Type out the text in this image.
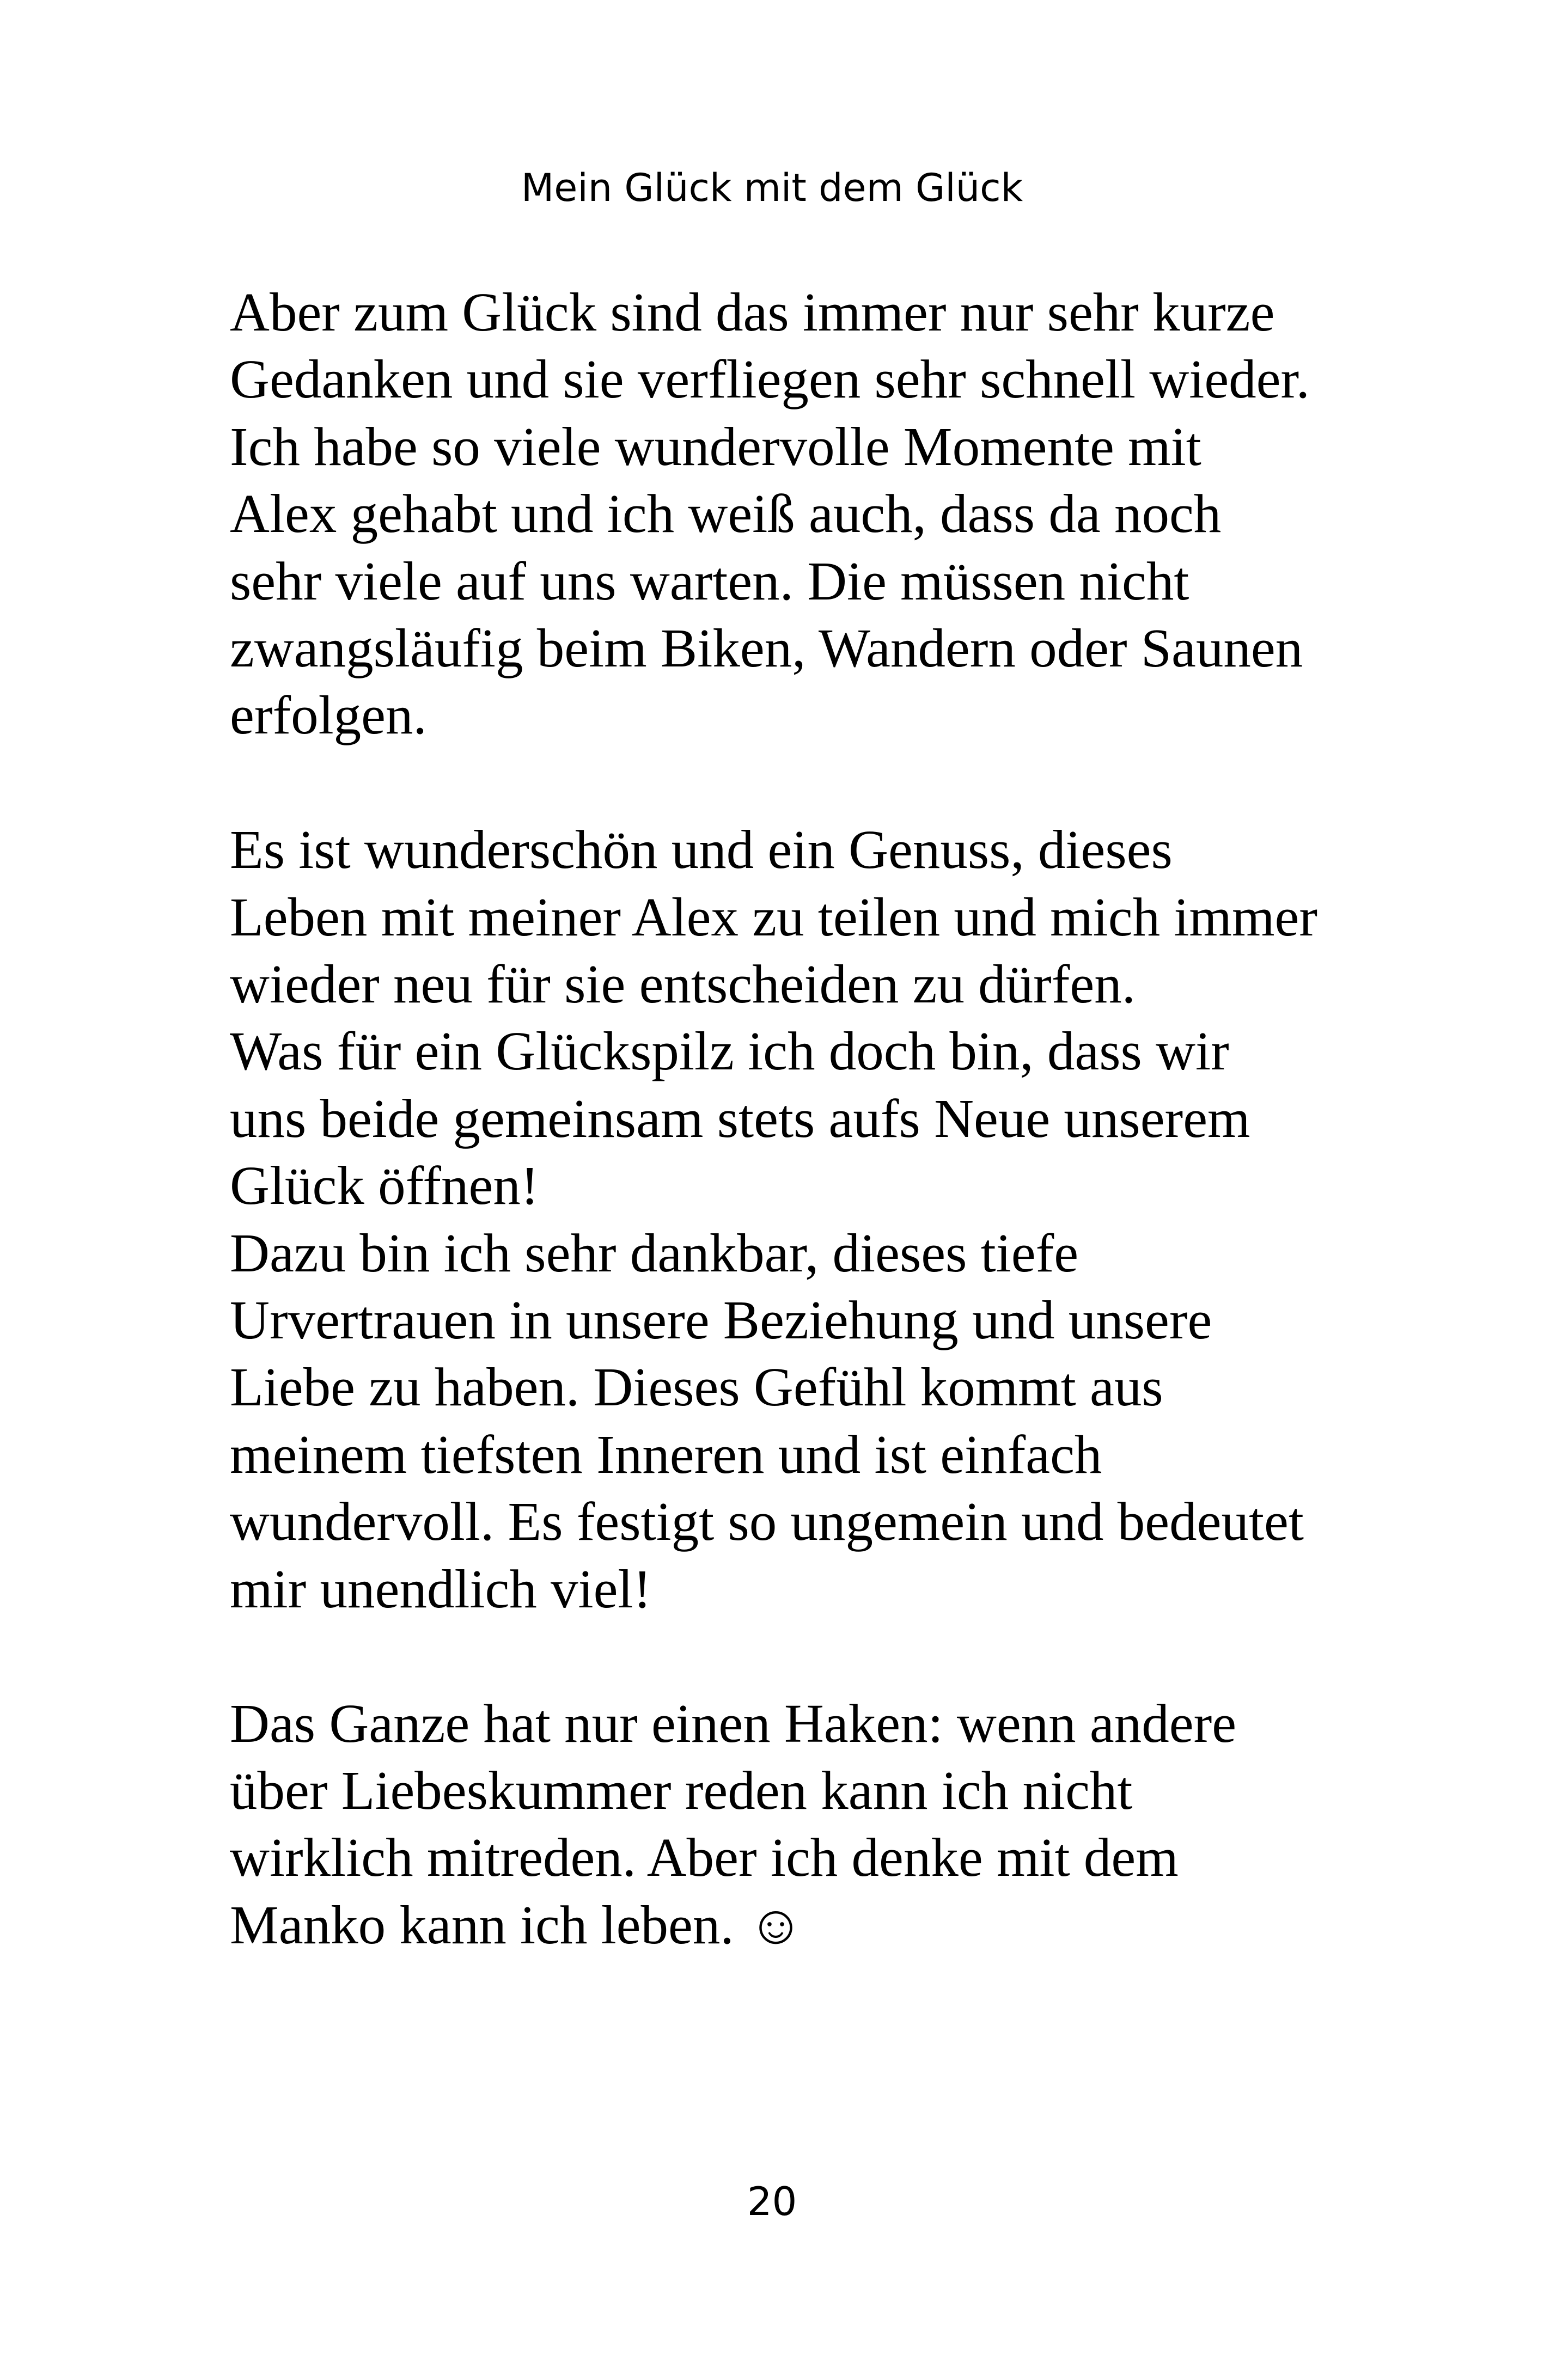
Mein Glück mit dem Glück

Aber zum Glück sind das immer nur sehr kurze
Gedanken und sie verfliegen sehr schnell wieder.
Ich habe so viele wundervolle Momente mit
Alex gehabt und ich weiß auch, dass da noch
sehr viele auf uns warten. Die müssen nicht
zwangsläufig beim Biken, Wandern oder Saunen
erfolgen.

Es ist wunderschön und ein Genuss, dieses
Leben mit meiner Alex zu teilen und mich immer
wieder neu für sie entscheiden zu dürfen.
Was für ein Glückspilz ich doch bin, dass wir
uns beide gemeinsam stets aufs Neue unserem
Glück öffnen!
Dazu bin ich sehr dankbar, dieses tiefe
Urvertrauen in unsere Beziehung und unsere
Liebe zu haben. Dieses Gefühl kommt aus
meinem tiefsten Inneren und ist einfach
wundervoll. Es festigt so ungemein und bedeutet
mir unendlich viel!

Das Ganze hat nur einen Haken: wenn andere
über Liebeskummer reden kann ich nicht
wirklich mitreden. Aber ich denke mit dem
Manko kann ich leben. ☺

20
